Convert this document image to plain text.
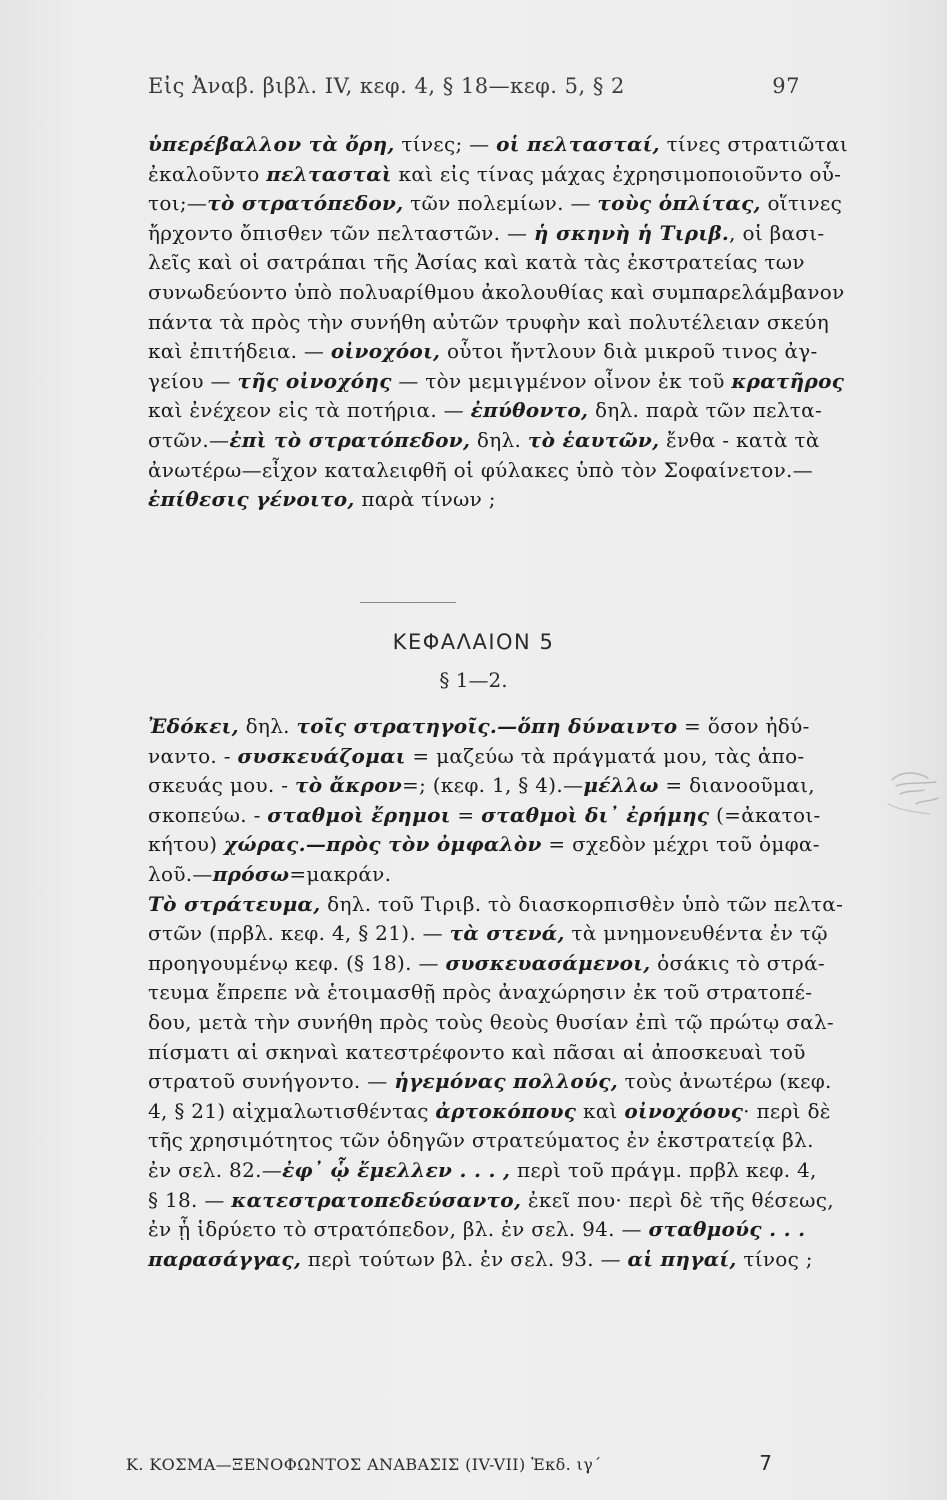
Εἰς Ἀναβ. βιβλ. IV, κεφ. 4, § 18—κεφ. 5, § 2	97
ὑπερέβαλλον τὰ ὄρη, τίνες; — οἱ πελτασταί, τίνες στρατιῶται
ἐκαλοῦντο πελτασταὶ καὶ εἰς τίνας μάχας ἐχρησιμοποιοῦντο οὗ-
τοι;—τὸ στρατόπεδον, τῶν πολεμίων. — τοὺς ὁπλίτας, οἵτινες
ἤρχοντο ὄπισθεν τῶν πελταστῶν. — ἡ σκηνὴ ἡ Τιριβ., οἱ βασι-
λεῖς καὶ οἱ σατράπαι τῆς Ἀσίας καὶ κατὰ τὰς ἐκστρατείας των
συνωδεύοντο ὑπὸ πολυαρίθμου ἀκολουθίας καὶ συμπαρελάμβανον
πάντα τὰ πρὸς τὴν συνήθη αὐτῶν τρυφὴν καὶ πολυτέλειαν σκεύη
καὶ ἐπιτήδεια. — οἰνοχόοι, οὗτοι ἤντλουν διὰ μικροῦ τινος ἀγ-
γείου — τῆς οἰνοχόης — τὸν μεμιγμένον οἶνον ἐκ τοῦ κρατῆρος
καὶ ἐνέχεον εἰς τὰ ποτήρια. — ἐπύθοντο, δηλ. παρὰ τῶν πελτα-
στῶν.—ἐπὶ τὸ στρατόπεδον, δηλ. τὸ ἑαυτῶν, ἔνθα - κατὰ τὰ
ἀνωτέρω—εἶχον καταλειφθῆ οἱ φύλακες ὑπὸ τὸν Σοφαίνετον.—
ἐπίθεσις γένοιτο, παρὰ τίνων ;
ΚΕΦΑΛΑΙΟΝ 5
§ 1—2.
Ἐδόκει, δηλ. τοῖς στρατηγοῖς.—ὅπη δύναιντο = ὅσον ἠδύ-
ναντο. - συσκευάζομαι = μαζεύω τὰ πράγματά μου, τὰς ἀπο-
σκευάς μου. - τὸ ἄκρον=; (κεφ. 1, § 4).—μέλλω = διανοοῦμαι,
σκοπεύω. - σταθμοὶ ἔρημοι = σταθμοὶ δι᾽ ἐρήμης (=ἀκατοι-
κήτου) χώρας.—πρὸς τὸν ὀμφαλὸν = σχεδὸν μέχρι τοῦ ὀμφα-
λοῦ.—πρόσω=μακράν.
Τὸ στράτευμα, δηλ. τοῦ Τιριβ. τὸ διασκορπισθὲν ὑπὸ τῶν πελτα-
στῶν (πρβλ. κεφ. 4, § 21). — τὰ στενά, τὰ μνημονευθέντα ἐν τῷ
προηγουμένῳ κεφ. (§ 18). — συσκευασάμενοι, ὁσάκις τὸ στρά-
τευμα ἔπρεπε νὰ ἑτοιμασθῇ πρὸς ἀναχώρησιν ἐκ τοῦ στρατοπέ-
δου, μετὰ τὴν συνήθη πρὸς τοὺς θεοὺς θυσίαν ἐπὶ τῷ πρώτῳ σαλ-
πίσματι αἱ σκηναὶ κατεστρέφοντο καὶ πᾶσαι αἱ ἀποσκευαὶ τοῦ
στρατοῦ συνήγοντο. — ἡγεμόνας πολλούς, τοὺς ἀνωτέρω (κεφ.
4, § 21) αἰχμαλωτισθέντας ἀρτοκόπους καὶ οἰνοχόους· περὶ δὲ
τῆς χρησιμότητος τῶν ὁδηγῶν στρατεύματος ἐν ἐκστρατείᾳ βλ.
ἐν σελ. 82.—ἐφ᾽ ᾧ ἔμελλεν . . . , περὶ τοῦ πράγμ. πρβλ κεφ. 4,
§ 18. — κατεστρατοπεδεύσαντο, ἐκεῖ που· περὶ δὲ τῆς θέσεως,
ἐν ᾗ ἱδρύετο τὸ στρατόπεδον, βλ. ἐν σελ. 94. — σταθμούς . . .
παρασάγγας, περὶ τούτων βλ. ἐν σελ. 93. — αἱ πηγαί, τίνος ;
Κ. ΚΟΣΜΑ—ΞΕΝΟΦΩΝΤΟΣ ΑΝΑΒΑΣΙΣ (IV-VII) Ἐκδ. ιγ΄	7
